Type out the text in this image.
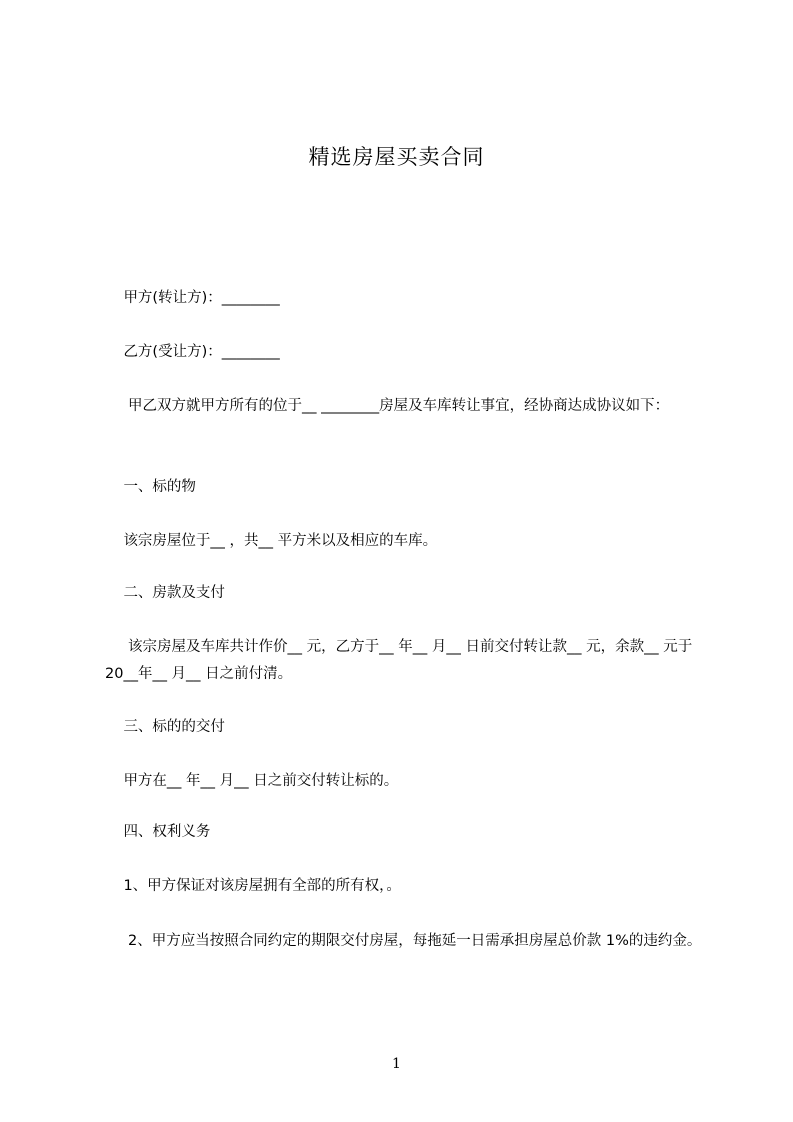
精选房屋买卖合同
甲方(转让方)：________
乙方(受让方)：________
甲乙双方就甲方所有的位于__ ________房屋及车库转让事宜，经协商达成协议如下：
一、标的物
该宗房屋位于__ ，共__ 平方米以及相应的车库。
二、房款及支付
该宗房屋及车库共计作价__ 元，乙方于__ 年__ 月__ 日前交付转让款__ 元，余款__ 元于 20__年__ 月__ 日之前付清。
三、标的的交付
甲方在__ 年__ 月__ 日之前交付转让标的。
四、权利义务
1、甲方保证对该房屋拥有全部的所有权，。
2、甲方应当按照合同约定的期限交付房屋，每拖延一日需承担房屋总价款 1%的违约金。
1
